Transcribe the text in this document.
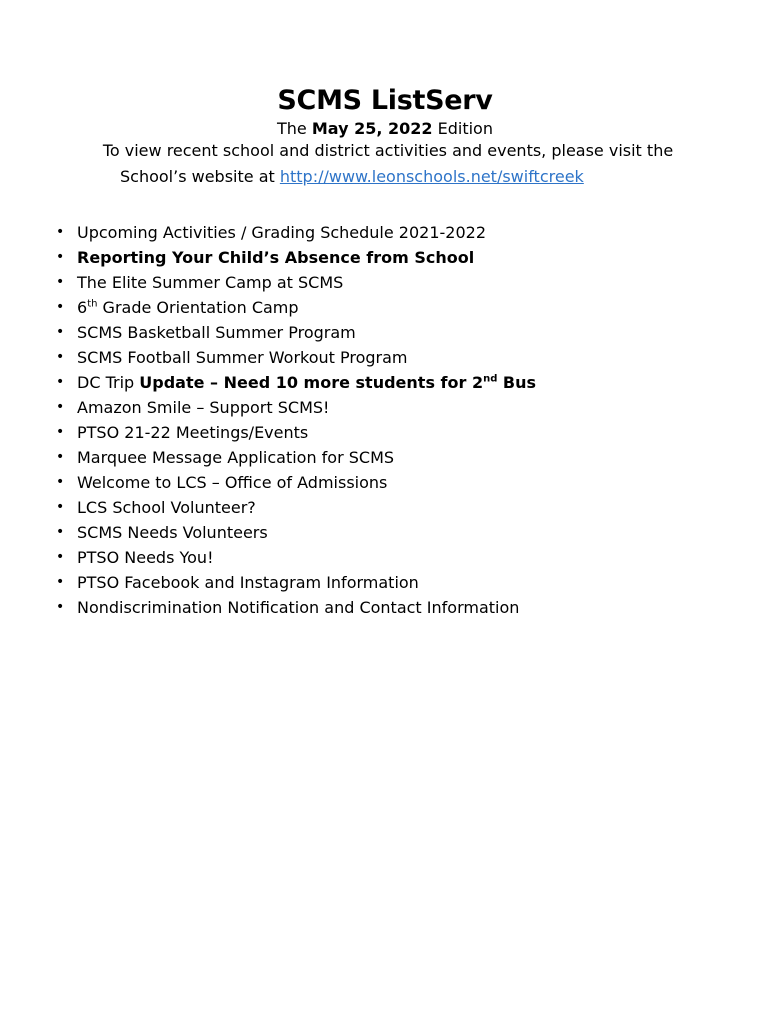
SCMS ListServ
The May 25, 2022 Edition
To view recent school and district activities and events, please visit the
School’s website at http://www.leonschools.net/swiftcreek
• Upcoming Activities / Grading Schedule 2021-2022
• Reporting Your Child’s Absence from School
• The Elite Summer Camp at SCMS
• 6th Grade Orientation Camp
• SCMS Basketball Summer Program
• SCMS Football Summer Workout Program
• DC Trip Update – Need 10 more students for 2nd Bus
• Amazon Smile – Support SCMS!
• PTSO 21-22 Meetings/Events
• Marquee Message Application for SCMS
• Welcome to LCS – Office of Admissions
• LCS School Volunteer?
• SCMS Needs Volunteers
• PTSO Needs You!
• PTSO Facebook and Instagram Information
• Nondiscrimination Notification and Contact Information
